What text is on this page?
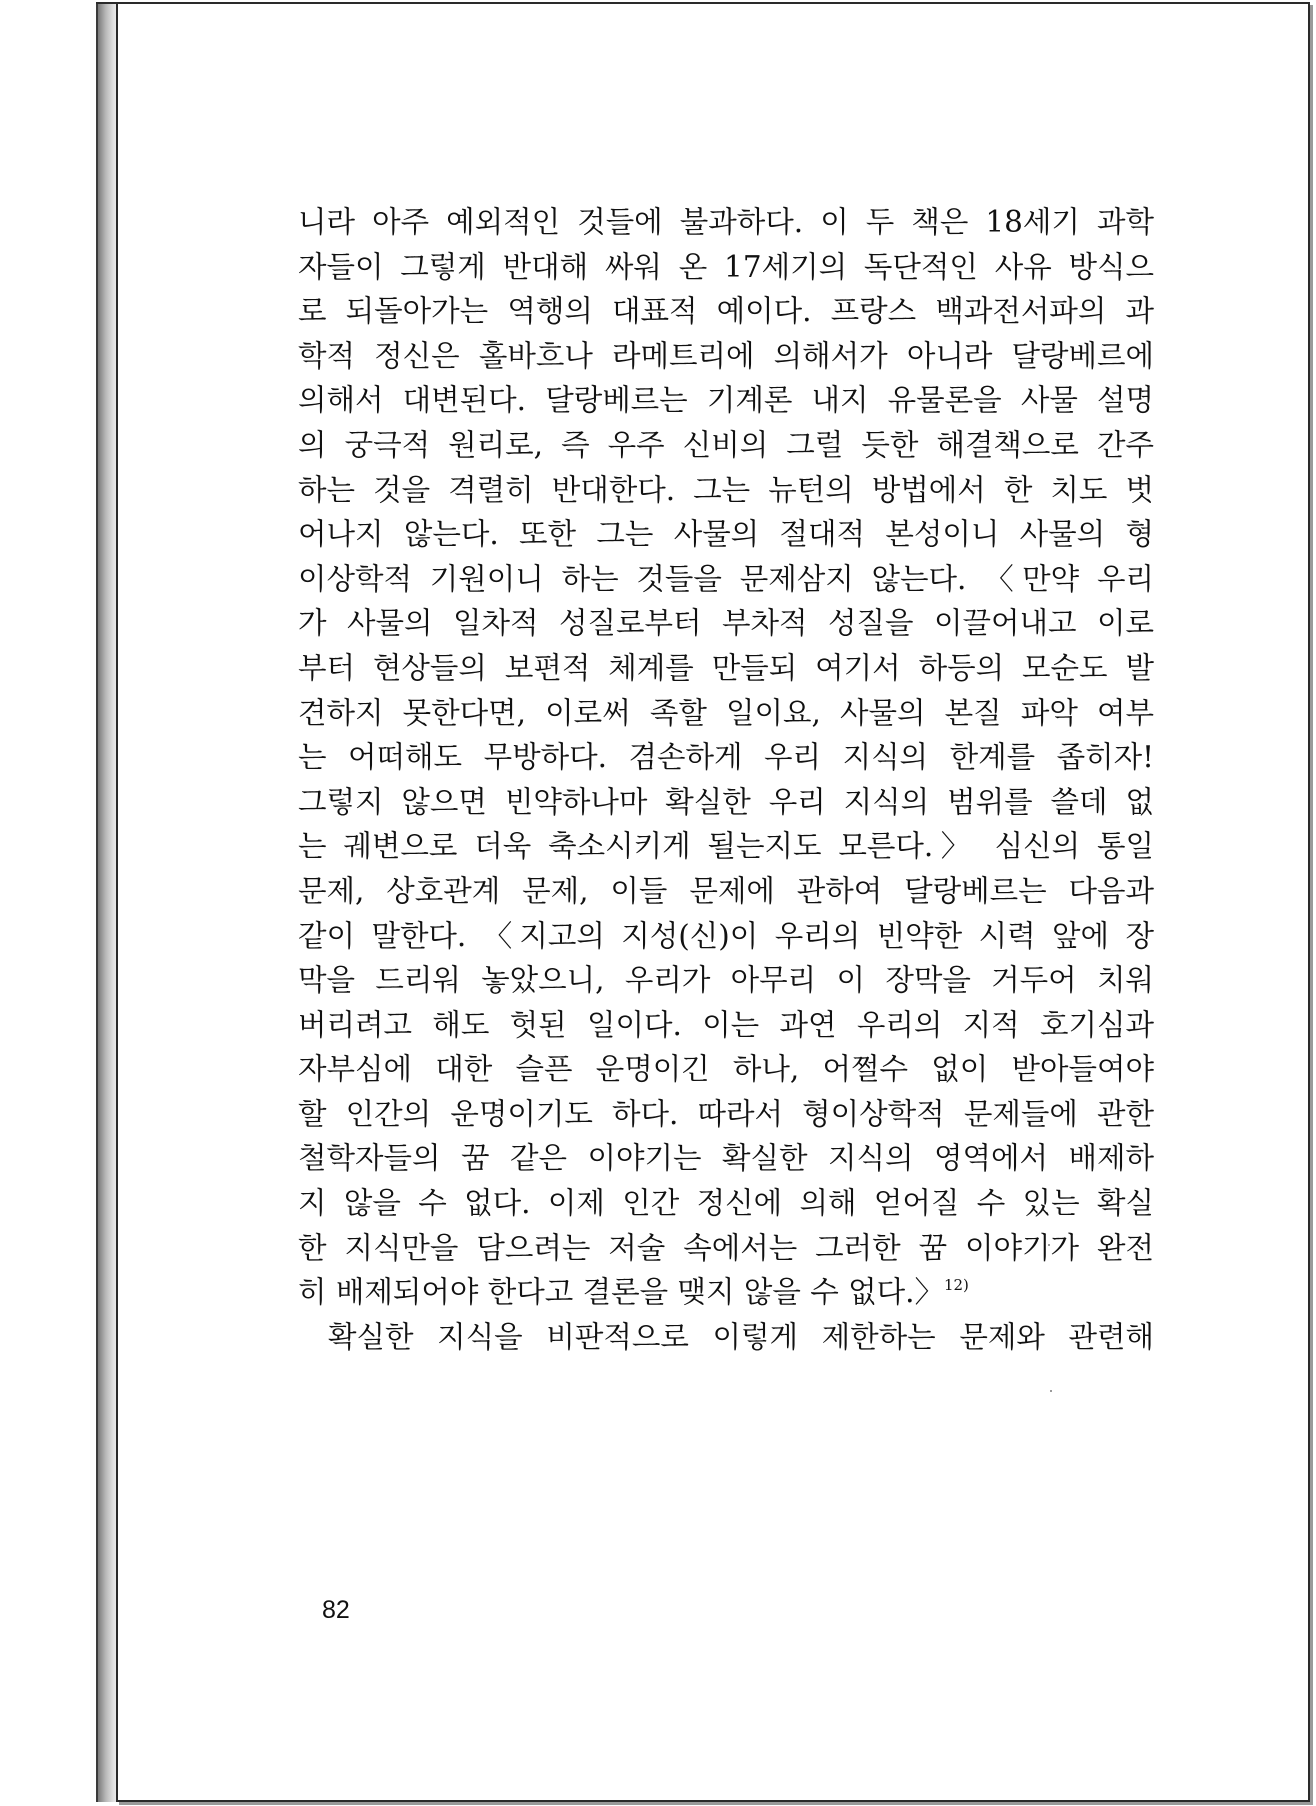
니라 아주 예외적인 것들에 불과하다. 이 두 책은 18세기 과학
자들이 그렇게 반대해 싸워 온 17세기의 독단적인 사유 방식으
로 되돌아가는 역행의 대표적 예이다. 프랑스 백과전서파의 과
학적 정신은 홀바흐나 라메트리에 의해서가 아니라 달랑베르에
의해서 대변된다. 달랑베르는 기계론 내지 유물론을 사물 설명
의 궁극적 원리로, 즉 우주 신비의 그럴 듯한 해결책으로 간주
하는 것을 격렬히 반대한다. 그는 뉴턴의 방법에서 한 치도 벗
어나지 않는다. 또한 그는 사물의 절대적 본성이니 사물의 형
이상학적 기원이니 하는 것들을 문제삼지 않는다. 〈만약 우리
가 사물의 일차적 성질로부터 부차적 성질을 이끌어내고 이로
부터 현상들의 보편적 체계를 만들되 여기서 하등의 모순도 발
견하지 못한다면, 이로써 족할 일이요, 사물의 본질 파악 여부
는 어떠해도 무방하다. 겸손하게 우리 지식의 한계를 좁히자!
그렇지 않으면 빈약하나마 확실한 우리 지식의 범위를 쓸데 없
는 궤변으로 더욱 축소시키게 될는지도 모른다.〉 심신의 통일
문제, 상호관계 문제, 이들 문제에 관하여 달랑베르는 다음과
같이 말한다. 〈지고의 지성(신)이 우리의 빈약한 시력 앞에 장
막을 드리워 놓았으니, 우리가 아무리 이 장막을 거두어 치워
버리려고 해도 헛된 일이다. 이는 과연 우리의 지적 호기심과
자부심에 대한 슬픈 운명이긴 하나, 어쩔수 없이 받아들여야
할 인간의 운명이기도 하다. 따라서 형이상학적 문제들에 관한
철학자들의 꿈 같은 이야기는 확실한 지식의 영역에서 배제하
지 않을 수 없다. 이제 인간 정신에 의해 얻어질 수 있는 확실
한 지식만을 담으려는 저술 속에서는 그러한 꿈 이야기가 완전
히 배제되어야 한다고 결론을 맺지 않을 수 없다.〉$^{12)}$
확실한 지식을 비판적으로 이렇게 제한하는 문제와 관련해
82
